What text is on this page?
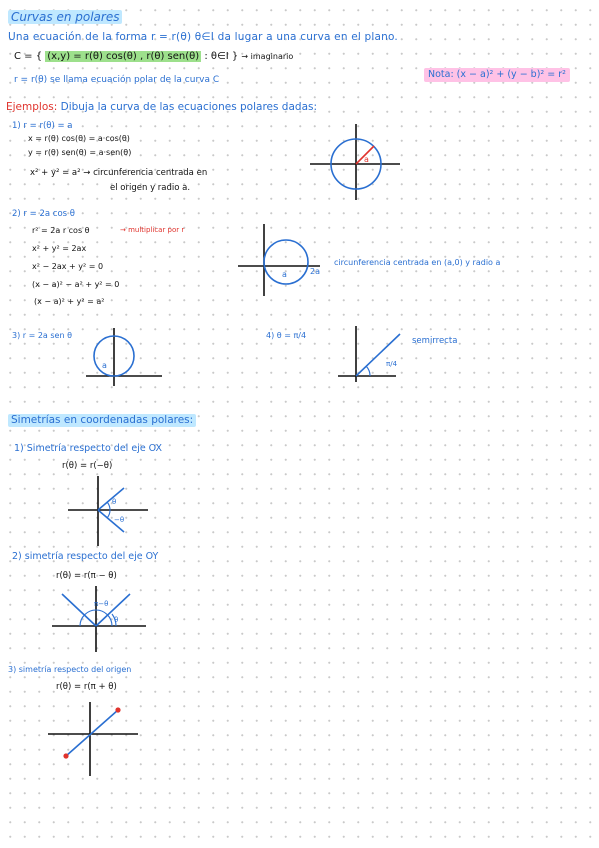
Curvas en polares
Una ecuación de la forma r = r(θ) θ∈I da lugar a una curva en el plano.
C = { (x,y) = r(θ) cos(θ) , r(θ) sen(θ) : θ∈I } → imaginario
r = r(θ) se llama ecuación polar de la curva C	Nota: (x − a)² + (y − b)² = r²
Ejemplos: Dibuja la curva de las ecuaciones polares dadas:
1) r = r(θ) = a
x = r(θ) cos(θ) = a·cos(θ)
y = r(θ) sen(θ) = a·sen(θ)
x² + y² = a² → circunferencia centrada en
el origen y radio a.
a
2) r = 2a cos θ
r² = 2a r cos θ	→ multiplicar por r
x² + y² = 2ax
x² − 2ax + y² = 0
(x − a)² − a² + y² = 0
(x − a)² + y² = a²
a	2a
circunferencia centrada en (a,0) y radio a
3) r = 2a sen θ
a
4) θ = π/4
π/4
semirrecta
Simetrías en coordenadas polares:
1) Simetría respecto del eje OX
r(θ) = r(−θ)
θ
−θ
2) simetría respecto del eje OY
r(θ) = r(π − θ)
π−θ
θ
3) simetría respecto del origen
r(θ) = r(π + θ)
